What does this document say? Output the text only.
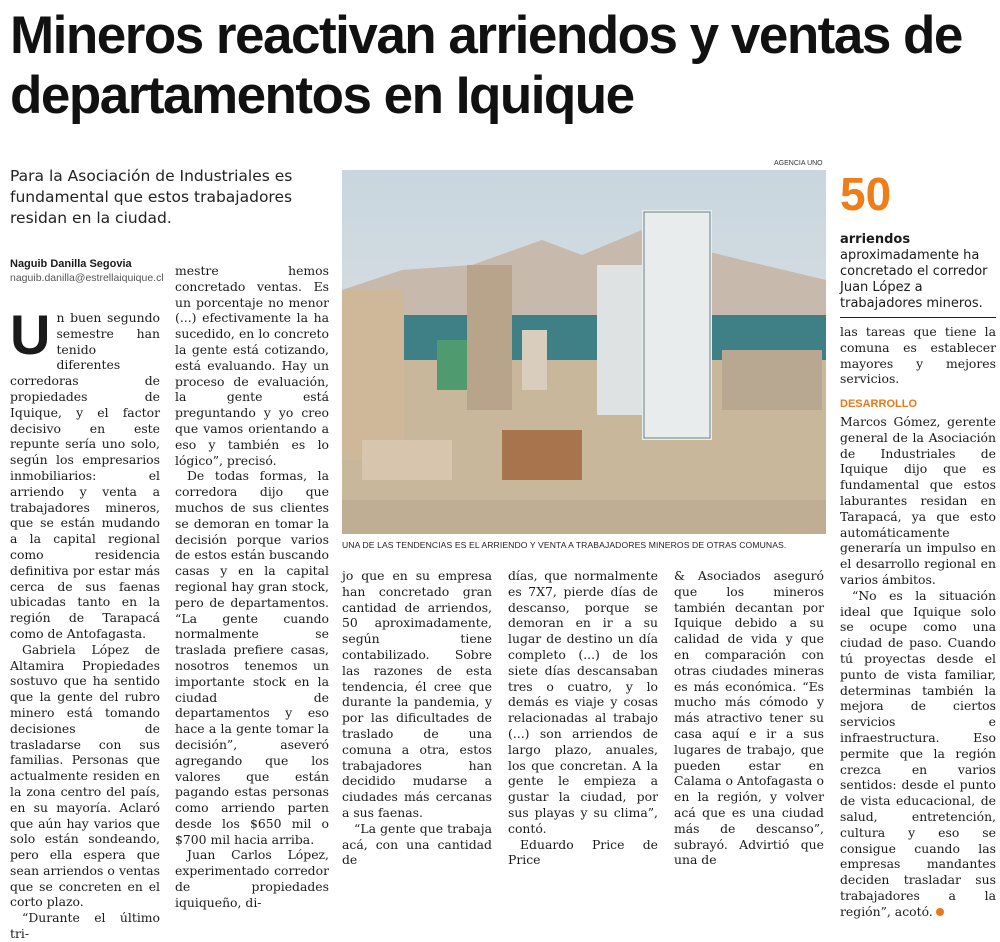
Mineros reactivan arriendos y ventas de departamentos en Iquique
Para la Asociación de Industriales es fundamental que estos trabajadores residan en la ciudad.
Naguib Danilla Segovia
naguib.danilla@estrellaiquique.cl
U n buen segundo semestre han tenido diferentes corredoras de propiedades de Iquique, y el factor decisivo en este repunte sería uno solo, según los empresarios inmobiliarios: el arriendo y venta a trabajadores mineros, que se están mudando a la capital regional como residencia definitiva por estar más cerca de sus faenas ubicadas tanto en la región de Tarapacá como de Antofagasta.

Gabriela López de Altamira Propiedades sostuvo que ha sentido que la gente del rubro minero está tomando decisiones de trasladarse con sus familias. Personas que actualmente residen en la zona centro del país, en su mayoría. Aclaró que aún hay varios que solo están sondeando, pero ella espera que sean arriendos o ventas que se concreten en el corto plazo.

“Durante el último tri-

mestre hemos concretado ventas. Es un porcentaje no menor (...) efectivamente la ha sucedido, en lo concreto la gente está cotizando, está evaluando. Hay un proceso de evaluación, la gente está preguntando y yo creo que vamos orientando a eso y también es lo lógico”, precisó.

De todas formas, la corredora dijo que muchos de sus clientes se demoran en tomar la decisión porque varios de estos están buscando casas y en la capital regional hay gran stock, pero de departamentos. “La gente cuando normalmente se traslada prefiere casas, nosotros tenemos un importante stock en la ciudad de departamentos y eso hace a la gente tomar la decisión”, aseveró agregando que los valores que están pagando estas personas como arriendo parten desde los $650 mil o $700 mil hacia arriba.

Juan Carlos López, experimentado corredor de propiedades iquiqueño, di-

AGENCIA UNO
UNA DE LAS TENDENCIAS ES EL ARRIENDO Y VENTA A TRABAJADORES MINEROS DE OTRAS COMUNAS.
50
arriendos aproximadamente ha concretado el corredor Juan López a trabajadores mineros.

jo que en su empresa han concretado gran cantidad de arriendos, 50 aproximadamente, según tiene contabilizado. Sobre las razones de esta tendencia, él cree que durante la pandemia, y por las dificultades de traslado de una comuna a otra, estos trabajadores han decidido mudarse a ciudades más cercanas a sus faenas.

“La gente que trabaja acá, con una cantidad de

días, que normalmente es 7X7, pierde días de descanso, porque se demoran en ir a su lugar de destino un día completo (...) de los siete días descansaban tres o cuatro, y lo demás es viaje y cosas relacionadas al trabajo (...) son arriendos de largo plazo, anuales, los que concretan. A la gente le empieza a gustar la ciudad, por sus playas y su clima”, contó.

Eduardo Price de Price

& Asociados aseguró que los mineros también decantan por Iquique debido a su calidad de vida y que en comparación con otras ciudades mineras es más económica. “Es mucho más cómodo y más atractivo tener su casa aquí e ir a sus lugares de trabajo, que pueden estar en Calama o Antofagasta o en la región, y volver acá que es una ciudad más de descanso”, subrayó. Advirtió que una de

las tareas que tiene la comuna es establecer mayores y mejores servicios.

DESARROLLO

Marcos Gómez, gerente general de la Asociación de Industriales de Iquique dijo que es fundamental que estos laburantes residan en Tarapacá, ya que esto automáticamente generaría un impulso en el desarrollo regional en varios ámbitos.

“No es la situación ideal que Iquique solo se ocupe como una ciudad de paso. Cuando tú proyectas desde el punto de vista familiar, determinas también la mejora de ciertos servicios e infraestructura. Eso permite que la región crezca en varios sentidos: desde el punto de vista educacional, de salud, entretención, cultura y eso se consigue cuando las empresas mandantes deciden trasladar sus trabajadores a la región”, acotó.
